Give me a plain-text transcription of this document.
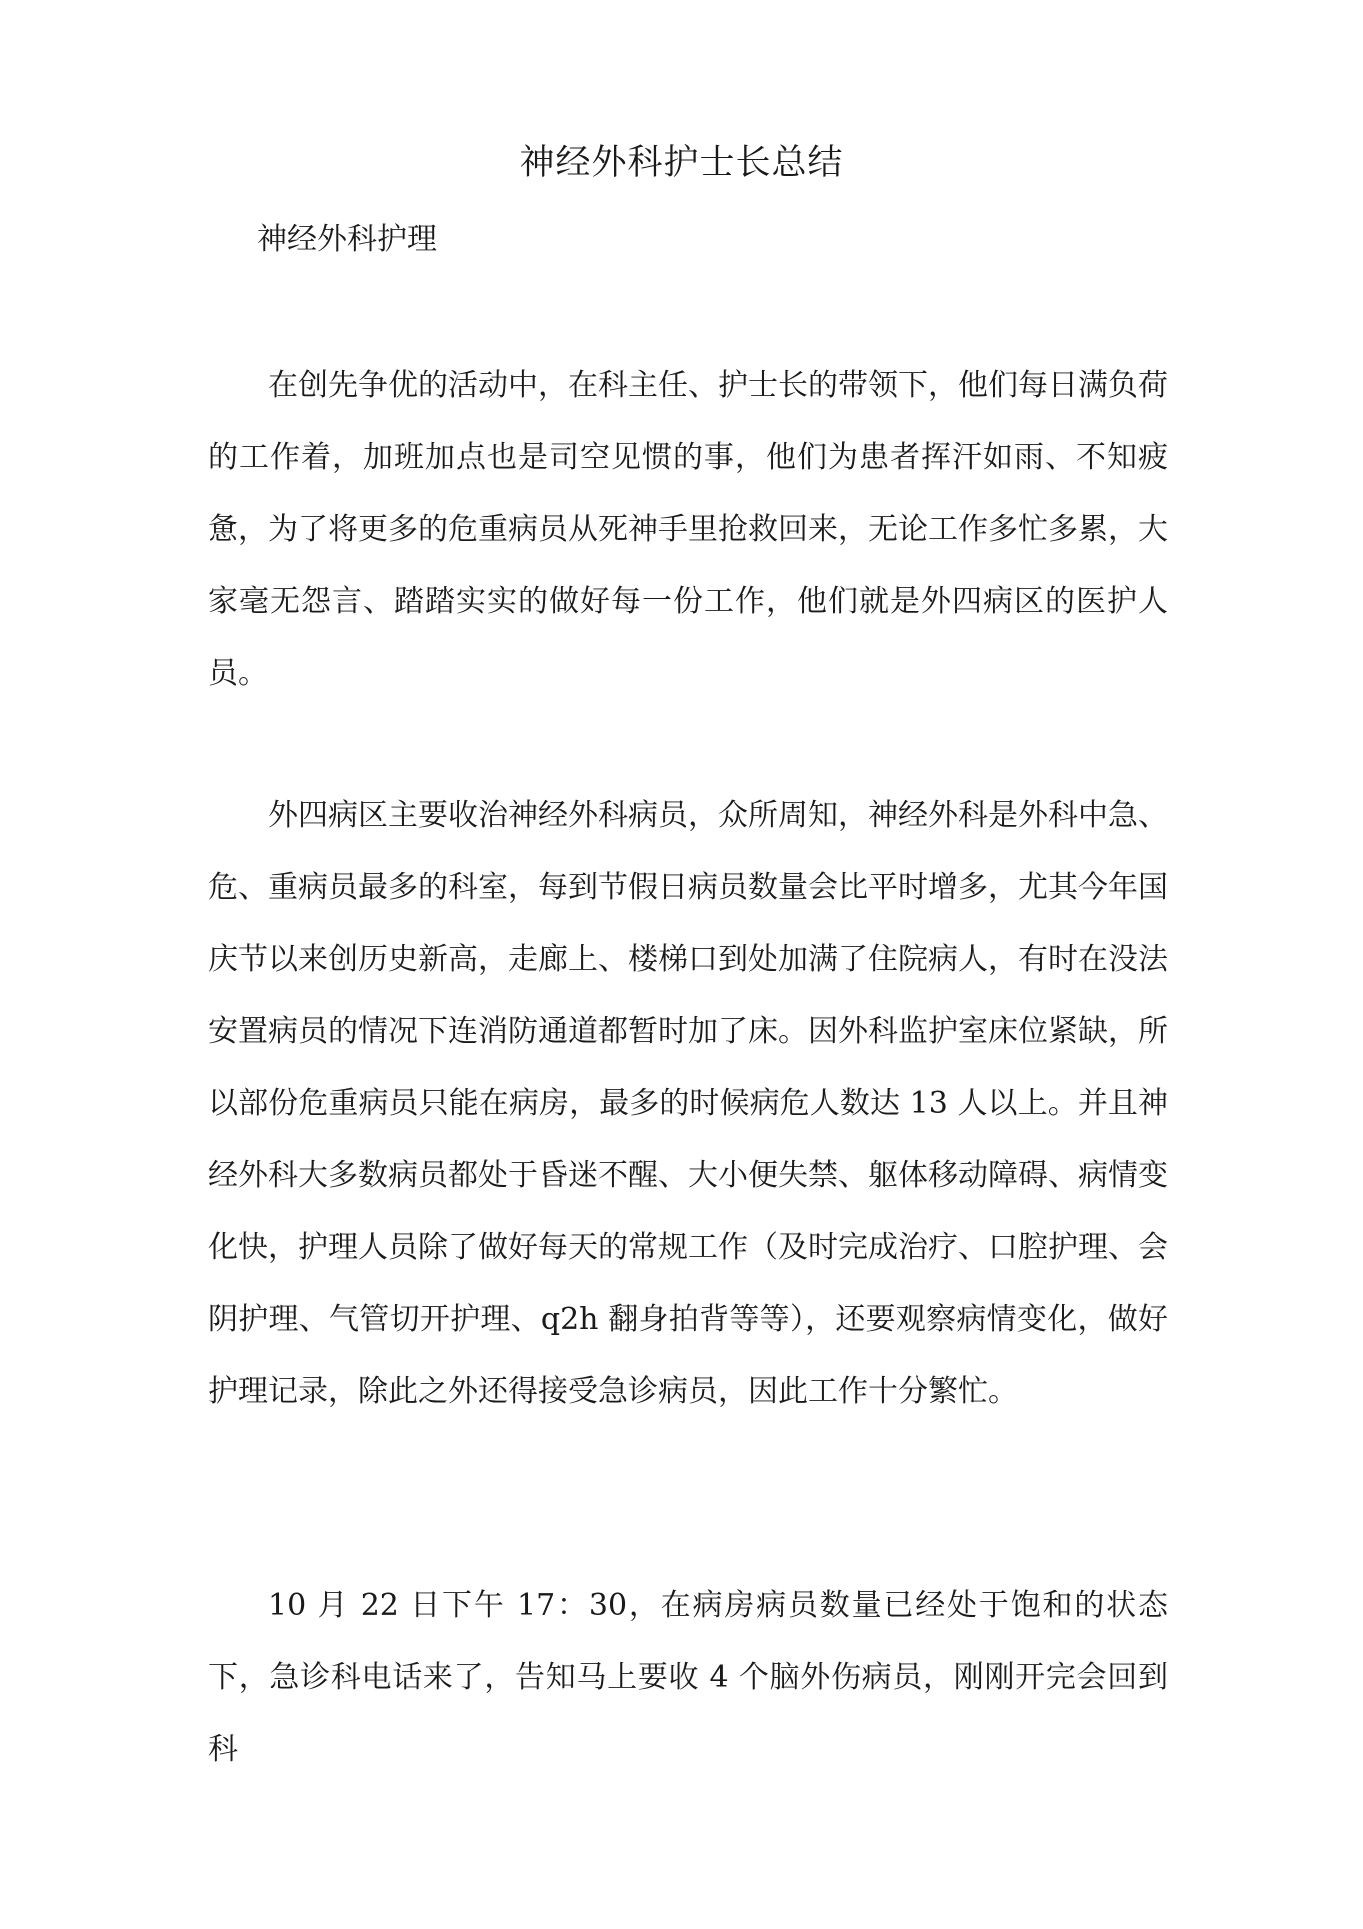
神经外科护士长总结
神经外科护理

在创先争优的活动中，在科主任、护士长的带领下，他们每日满负荷的工作着，加班加点也是司空见惯的事，他们为患者挥汗如雨、不知疲惫，为了将更多的危重病员从死神手里抢救回来，无论工作多忙多累，大家毫无怨言、踏踏实实的做好每一份工作，他们就是外四病区的医护人员。

外四病区主要收治神经外科病员，众所周知，神经外科是外科中急、危、重病员最多的科室，每到节假日病员数量会比平时增多，尤其今年国庆节以来创历史新高，走廊上、楼梯口到处加满了住院病人，有时在没法安置病员的情况下连消防通道都暂时加了床。因外科监护室床位紧缺，所以部份危重病员只能在病房，最多的时候病危人数达 13 人以上。并且神经外科大多数病员都处于昏迷不醒、大小便失禁、躯体移动障碍、病情变化快，护理人员除了做好每天的常规工作（及时完成治疗、口腔护理、会阴护理、气管切开护理、q2h 翻身拍背等等），还要观察病情变化，做好护理记录，除此之外还得接受急诊病员，因此工作十分繁忙。

10 月 22 日下午 17：30，在病房病员数量已经处于饱和的状态下，急诊科电话来了，告知马上要收 4 个脑外伤病员，刚刚开完会回到科
